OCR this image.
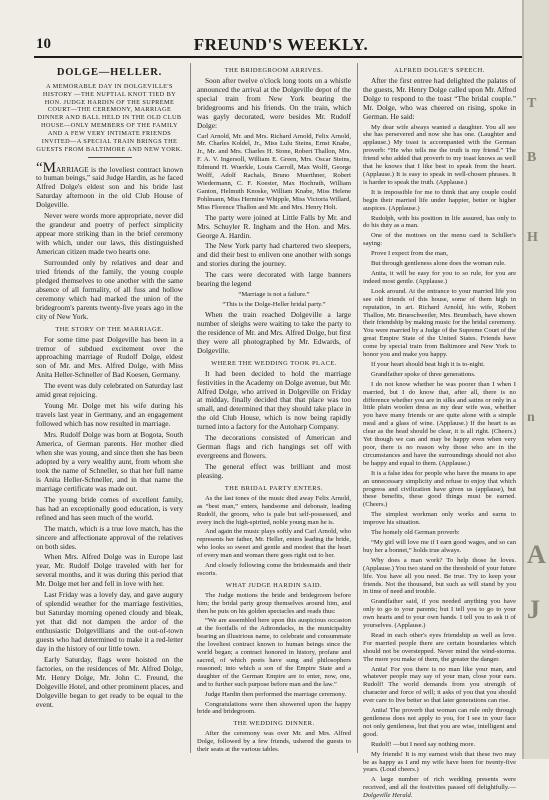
10	FREUND'S WEEKLY.
DOLGE—HELLER.
A MEMORABLE DAY IN DOLGEVILLE'S HISTORY —THE NUPTIAL KNOT TIED BY HON. JUDGE HARDIN OF THE SUPREME COURT—THE CEREMONY, MARRIAGE DINNER AND BALL HELD IN THE OLD CLUB HOUSE—ONLY MEMBERS OF THE FAMILY AND A FEW VERY INTIMATE FRIENDS INVITED—A SPECIAL TRAIN BRINGS THE GUESTS FROM BALTIMORE AND NEW YORK.

“MARRIAGE is the loveliest contract known to human beings,” said Judge Hardin, as he faced Alfred Dolge's eldest son and his bride last Saturday afternoon in the old Club House of Dolgeville.

Never were words more appropriate, never did the grandeur and poetry of perfect simplicity appear more striking than in the brief ceremony with which, under our laws, this distinguished American citizen made two hearts one.

Surrounded only by relatives and dear and tried friends of the family, the young couple pledged themselves to one another with the same absence of all formality, of all fuss and hollow ceremony which had marked the union of the bridegroom's parents twenty-five years ago in the city of New York.

THE STORY OF THE MARRIAGE.

For some time past Dolgeville has been in a tremor of subdued excitement over the approaching marriage of Rudolf Dolge, eldest son of Mr. and Mrs. Alfred Dolge, with Miss Anita Heller-Schneller of Bad Koesen, Germany.

The event was duly celebrated on Saturday last amid great rejoicing.

Young Mr. Dolge met his wife during his travels last year in Germany, and an engagement followed which has now resulted in marriage.

Mrs. Rudolf Dolge was born at Bogota, South America, of German parents. Her mother died when she was young, and since then she has been adopted by a very wealthy aunt, from whom she took the name of Schneller, so that her full name is Anita Heller-Schneller, and in that name the marriage certificate was made out.

The young bride comes of excellent family, has had an exceptionally good education, is very refined and has seen much of the world.

The match, which is a true love match, has the sincere and affectionate approval of the relatives on both sides.

When Mrs. Alfred Dolge was in Europe last year, Mr. Rudolf Dolge traveled with her for several months, and it was during this period that Mr. Dolge met her and fell in love with her.

Last Friday was a lovely day, and gave augury of splendid weather for the marriage festivities, but Saturday morning opened cloudy and bleak, yet that did not dampen the ardor of the enthusiastic Dolgevillians and the out-of-town guests who had determined to make it a red-letter day in the history of our little town.

Early Saturday, flags were hoisted on the factories, on the residences of Mr. Alfred Dolge, Mr. Henry Dolge, Mr. John C. Freund, the Dolgeville Hotel, and other prominent places, and Dolgeville began to get ready to be equal to the event.

THE BRIDEGROOM ARRIVES.

Soon after twelve o'clock long toots on a whistle announced the arrival at the Dolgeville depot of the special train from New York bearing the bridegrooms and his friends. On the train, which was gayly decorated, were besides Mr. Rudolf Dolge:

Carl Arnold, Mr. and Mrs. Richard Arnold, Felix Arnold, Mr. Charles Koldel, Jr., Miss Lulu Steins, Ernst Knabe, Jr., Mr. and Mrs. Charles H. Stone, Robert Thallon, Mrs. F. A. V. Ingersoll, William E. Green, Mrs. Oscar Steins, Edmund H. Wuerkle, Louis Carroll, Max Wolff, George Wolff, Adolf Rachals, Bruno Muerthner, Robert Wiedermann, C. F. Koester, Max Hochrath, William Ganton, Helmuth Knoske, William Knabe, Miss Helene Pohlmann, Miss Hermine Whipple, Miss Victoria Willard, Miss Florence Thallon and Mr. and Mrs. Henry Holt.

The party were joined at Little Falls by Mr. and Mrs. Schuyler R. Ingham and the Hon. and Mrs. George A. Hardin.

The New York party had chartered two sleepers, and did their best to enliven one another with songs and stories during the journey.

The cars were decorated with large banners bearing the legend

“Marriage is not a failure.”

“This is the Dolge-Heller bridal party.”

When the train reached Dolgeville a large number of sleighs were waiting to take the party to the residence of Mr. and Mrs. Alfred Dolge, but first they were all photographed by Mr. Edwards, of Dolgeville.

WHERE THE WEDDING TOOK PLACE.

It had been decided to hold the marriage festivities in the Academy on Dolge avenue, but Mr. Alfred Dolge, who arrived in Dolgeville on Friday at midday, finally decided that that place was too small, and determined that they should take place in the old Club House, which is now being rapidly turned into a factory for the Autoharp Company.

The decorations consisted of American and German flags and rich hangings set off with evergreens and flowers.

The general effect was brilliant and most pleasing.

THE BRIDAL PARTY ENTERS.

As the last tones of the music died away Felix Arnold, as “best man,” enters, handsome and debonair, leading Rudolf, the groom, who is pale but self-possessed, and every inch the high-spirited, noble young man he is.

And again the music plays softly and Carl Arnold, who represents her father, Mr. Heller, enters leading the bride, who looks so sweet and gentle and modest that the heart of every man and woman there goes right out to her.

And closely following come the bridesmaids and their escorts.

WHAT JUDGE HARDIN SAID.

The Judge motions the bride and bridegroom before him; the bridal party group themselves around him, and then he puts on his golden spectacles and reads thus:

“We are assembled here upon this auspicious occasion at the footfalls of the Adirondacks, in the municipality bearing an illustrious name, to celebrate and consummate the loveliest contract known to human beings since the world began; a contract honored in history, profane and sacred, of which poets have sung and philosophers reasoned; into which a son of the Empire State and a daughter of the German Empire are to enter, now, one, and to further such purpose before man and the law.”

Judge Hardin then performed the marriage ceremony.

Congratulations were then showered upon the happy bride and bridegroom.

THE WEDDING DINNER.

After the ceremony was over Mr. and Mrs. Alfred Dolge, followed by a few friends, ushered the guests to their seats at the various tables.

ALFRED DOLGE'S SPEECH.

After the first entree had delighted the palates of the guests, Mr. Henry Dolge called upon Mr. Alfred Dolge to respond to the toast “The bridal couple.” Mr. Dolge, who was cheered on rising, spoke in German. He said:

My dear wife always wanted a daughter. You all see she has persevered and now she has one. (Laughter and applause.) My toast is accompanied with the German proverb: “He who tells me the truth is my friend.” The friend who added that proverb to my toast knows as well that he knows that I like best to speak from the heart. (Applause.) It is easy to speak in well-chosen phrases. It is harder to speak the truth. (Applause.)

It is impossible for me to think that any couple could begin their married life under happier, better or higher auspices. (Applause.)

Rudolph, with his position in life assured, has only to do his duty as a man.

One of the mottoes on the menu card is Schiller's saying:

Prove I expect from the man,

But through gentleness alone does the woman rule.

Anita, it will be easy for you to so rule, for you are indeed most gentle. (Applause.)

Look around. At the entrance to your married life you see old friends of this house, some of them high in reputation, in art. Richard Arnold, his wife, Robert Thallon, Mr. Brueschweiler, Mrs. Brumbach, have shown their friendship by making music for the bridal ceremony. You were married by a Judge of the Supreme Court of the great Empire State of the United States. Friends have come by special train from Baltimore and New York to honor you and make you happy.

If your heart should beat high it is to-night.

Grandfather spoke of three generations.

I do not know whether he was poorer than I when I married, but I do know that, after all, there is no difference whether you are in silks and satins or only in a little plain woolen dress as my dear wife was, whether you have many friends or are quite alone with a simple meal and a glass of wine. (Applause.) If the heart is as clear as the head should be clear, it is all right. (Cheers.) Yet though we can and may be happy even when very poor, there is no reason why those who are in the circumstances and have the surroundings should not also be happy and equal to them. (Applause.)

It is a false idea for people who have the means to ape an unnecessary simplicity and refuse to enjoy that which progress and civilization have given us (applause), but these benefits, these good things must be earned. (Cheers.)

The simplest workman only works and earns to improve his situation.

The homely old German proverb:

“My girl will love me if I earn good wages, and so can buy her a bonnet,” holds true always.

Why does a man work? To help those he loves. (Applause.) You two stand on the threshold of your future life. You have all you need. Be true. Try to keep your friends. Not the thousand, but such as will stand by you in time of need and trouble.

Grandfather said, if you needed anything you have only to go to your parents; but I tell you to go to your own hearts and to your own hands. I tell you to ask it of yourselves. (Applause.)

Read in each other's eyes friendship as well as love. For married people there are certain boundaries which should not be overstepped. Never mind the wind-storms. The more you make of them, the greater the danger.

Anita! For you there is no man like your man, and whatever people may say of your man, close your ears. Rudolf! The world demands from you strength of character and force of will; it asks of you that you should ever care to live better so that later generations can rise.

Anita! The proverb that woman can rule only through gentleness does not apply to you, for I see in your face not only gentleness, but that you are wise, intelligent and good.

Rudolf! —but I need say nothing more.

My friends! It is my earnest wish that these two may be as happy as I and my wife have been for twenty-five years. (Loud cheers.)

A large number of rich wedding presents were received, and all the festivities passed off delightfully.—Dolgeville Herald.

T
B
H
n
A
J
